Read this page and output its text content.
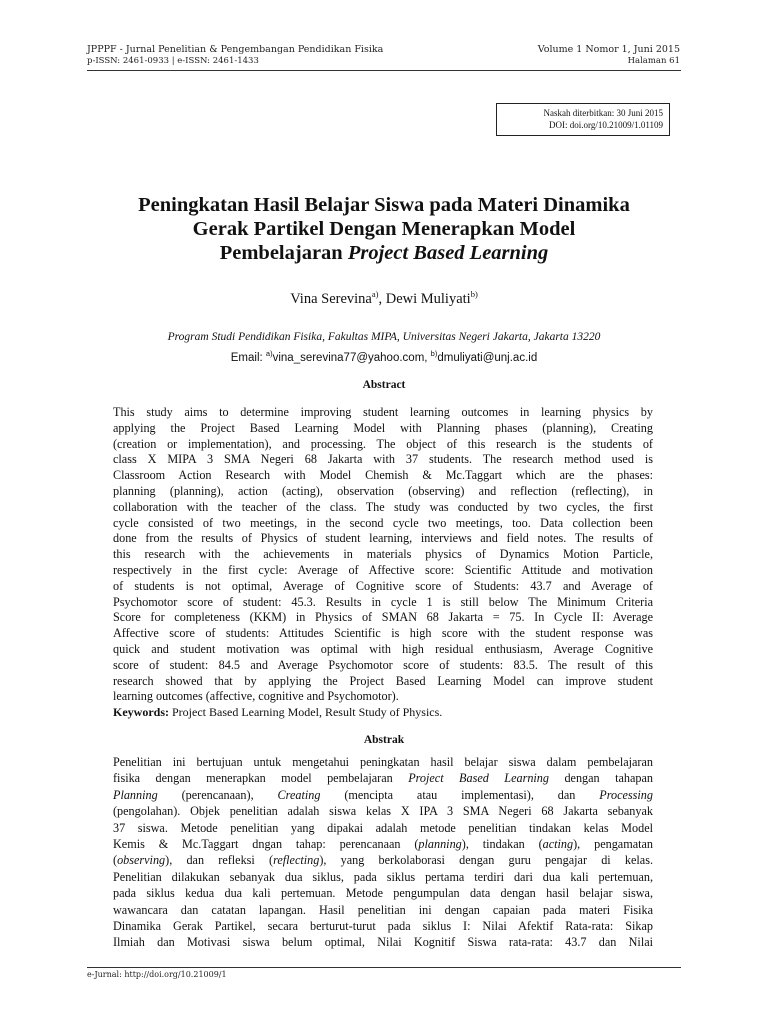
JPPPF - Jurnal Penelitian & Pengembangan Pendidikan Fisika
p-ISSN: 2461-0933 | e-ISSN: 2461-1433
Volume 1 Nomor 1, Juni 2015
Halaman 61
Naskah diterbitkan: 30 Juni 2015
DOI: doi.org/10.21009/1.01109
Peningkatan Hasil Belajar Siswa pada Materi Dinamika
Gerak Partikel Dengan Menerapkan Model
Pembelajaran Project Based Learning
Vina Serevina$^{a)}$, Dewi Muliyati$^{b)}$
Program Studi Pendidikan Fisika, Fakultas MIPA, Universitas Negeri Jakarta, Jakarta 13220
Email: $^{a)}$vina_serevina77@yahoo.com, $^{b)}$dmuliyati@unj.ac.id
Abstract
This study aims to determine improving student learning outcomes in learning physics by
applying the Project Based Learning Model with Planning phases (planning), Creating
(creation or implementation), and processing. The object of this research is the students of
class X MIPA 3 SMA Negeri 68 Jakarta with 37 students. The research method used is
Classroom Action Research with Model Chemish & Mc.Taggart which are the phases:
planning (planning), action (acting), observation (observing) and reflection (reflecting), in
collaboration with the teacher of the class. The study was conducted by two cycles, the first
cycle consisted of two meetings, in the second cycle two meetings, too. Data collection been
done from the results of Physics of student learning, interviews and field notes. The results of
this research with the achievements in materials physics of Dynamics Motion Particle,
respectively in the first cycle: Average of Affective score: Scientific Attitude and motivation
of students is not optimal, Average of Cognitive score of Students: 43.7 and Average of
Psychomotor score of student: 45.3. Results in cycle 1 is still below The Minimum Criteria
Score for completeness (KKM) in Physics of SMAN 68 Jakarta = 75. In Cycle II: Average
Affective score of students: Attitudes Scientific is high score with the student response was
quick and student motivation was optimal with high residual enthusiasm, Average Cognitive
score of student: 84.5 and Average Psychomotor score of students: 83.5. The result of this
research showed that by applying the Project Based Learning Model can improve student
learning outcomes (affective, cognitive and Psychomotor).
Keywords: Project Based Learning Model, Result Study of Physics.
Abstrak
Penelitian ini bertujuan untuk mengetahui peningkatan hasil belajar siswa dalam pembelajaran
fisika dengan menerapkan model pembelajaran Project Based Learning dengan tahapan
Planning (perencanaan), Creating (mencipta atau implementasi), dan Processing
(pengolahan). Objek penelitian adalah siswa kelas X IPA 3 SMA Negeri 68 Jakarta sebanyak
37 siswa. Metode penelitian yang dipakai adalah metode penelitian tindakan kelas Model
Kemis & Mc.Taggart dngan tahap: perencanaan (planning), tindakan (acting), pengamatan
(observing), dan refleksi (reflecting), yang berkolaborasi dengan guru pengajar di kelas.
Penelitian dilakukan sebanyak dua siklus, pada siklus pertama terdiri dari dua kali pertemuan,
pada siklus kedua dua kali pertemuan. Metode pengumpulan data dengan hasil belajar siswa,
wawancara dan catatan lapangan. Hasil penelitian ini dengan capaian pada materi Fisika
Dinamika Gerak Partikel, secara berturut-turut pada siklus I: Nilai Afektif Rata-rata: Sikap
Ilmiah dan Motivasi siswa belum optimal, Nilai Kognitif Siswa rata-rata: 43.7 dan Nilai
e-Jurnal: http://doi.org/10.21009/1
